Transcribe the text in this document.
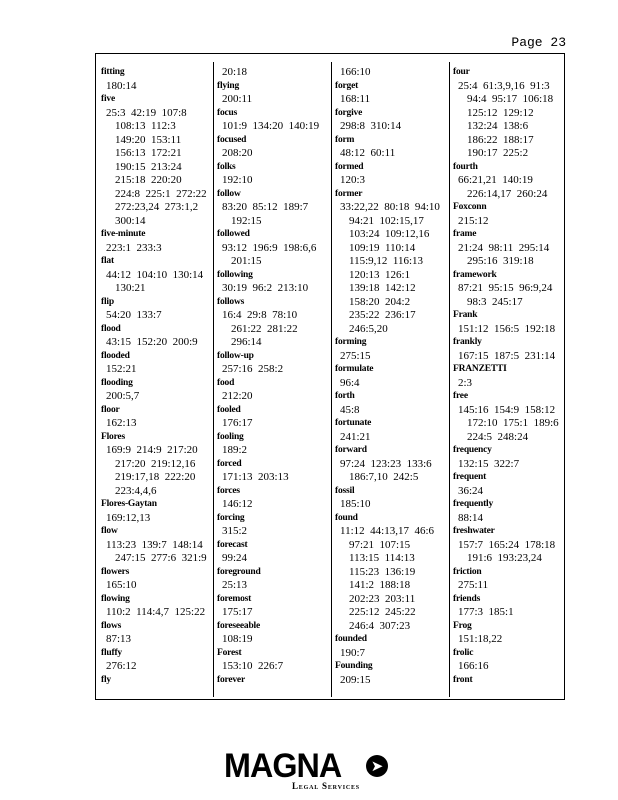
Page 23
fitting
180:14
five
25:3  42:19  107:8
108:13  112:3
149:20  153:11
156:13  172:21
190:15  213:24
215:18  220:20
224:8  225:1  272:22
272:23,24  273:1,2
300:14
five-minute
223:1  233:3
flat
44:12  104:10  130:14
130:21
flip
54:20  133:7
flood
43:15  152:20  200:9
flooded
152:21
flooding
200:5,7
floor
162:13
Flores
169:9  214:9  217:20
217:20  219:12,16
219:17,18  222:20
223:4,4,6
Flores-Gaytan
169:12,13
flow
113:23  139:7  148:14
247:15  277:6  321:9
flowers
165:10
flowing
110:2  114:4,7  125:22
flows
87:13
fluffy
276:12
fly
20:18
flying
200:11
focus
101:9  134:20  140:19
focused
208:20
folks
192:10
follow
83:20  85:12  189:7
192:15
followed
93:12  196:9  198:6,6
201:15
following
30:19  96:2  213:10
follows
16:4  29:8  78:10
261:22  281:22
296:14
follow-up
257:16  258:2
food
212:20
fooled
176:17
fooling
189:2
forced
171:13  203:13
forces
146:12
forcing
315:2
forecast
99:24
foreground
25:13
foremost
175:17
foreseeable
108:19
Forest
153:10  226:7
forever
166:10
forget
168:11
forgive
298:8  310:14
form
48:12  60:11
formed
120:3
former
33:22,22  80:18  94:10
94:21  102:15,17
103:24  109:12,16
109:19  110:14
115:9,12  116:13
120:13  126:1
139:18  142:12
158:20  204:2
235:22  236:17
246:5,20
forming
275:15
formulate
96:4
forth
45:8
fortunate
241:21
forward
97:24  123:23  133:6
186:7,10  242:5
fossil
185:10
found
11:12  44:13,17  46:6
97:21  107:15
113:15  114:13
115:23  136:19
141:2  188:18
202:23  203:11
225:12  245:22
246:4  307:23
founded
190:7
Founding
209:15
four
25:4  61:3,9,16  91:3
94:4  95:17  106:18
125:12  129:12
132:24  138:6
186:22  188:17
190:17  225:2
fourth
66:21,21  140:19
226:14,17  260:24
Foxconn
215:12
frame
21:24  98:11  295:14
295:16  319:18
framework
87:21  95:15  96:9,24
98:3  245:17
Frank
151:12  156:5  192:18
frankly
167:15  187:5  231:14
FRANZETTI
2:3
free
145:16  154:9  158:12
172:10  175:1  189:6
224:5  248:24
frequency
132:15  322:7
frequent
36:24
frequently
88:14
freshwater
157:7  165:24  178:18
191:6  193:23,24
friction
275:11
friends
177:3  185:1
Frog
151:18,22
frolic
166:16
front
MAGNA	➤
Legal Services
